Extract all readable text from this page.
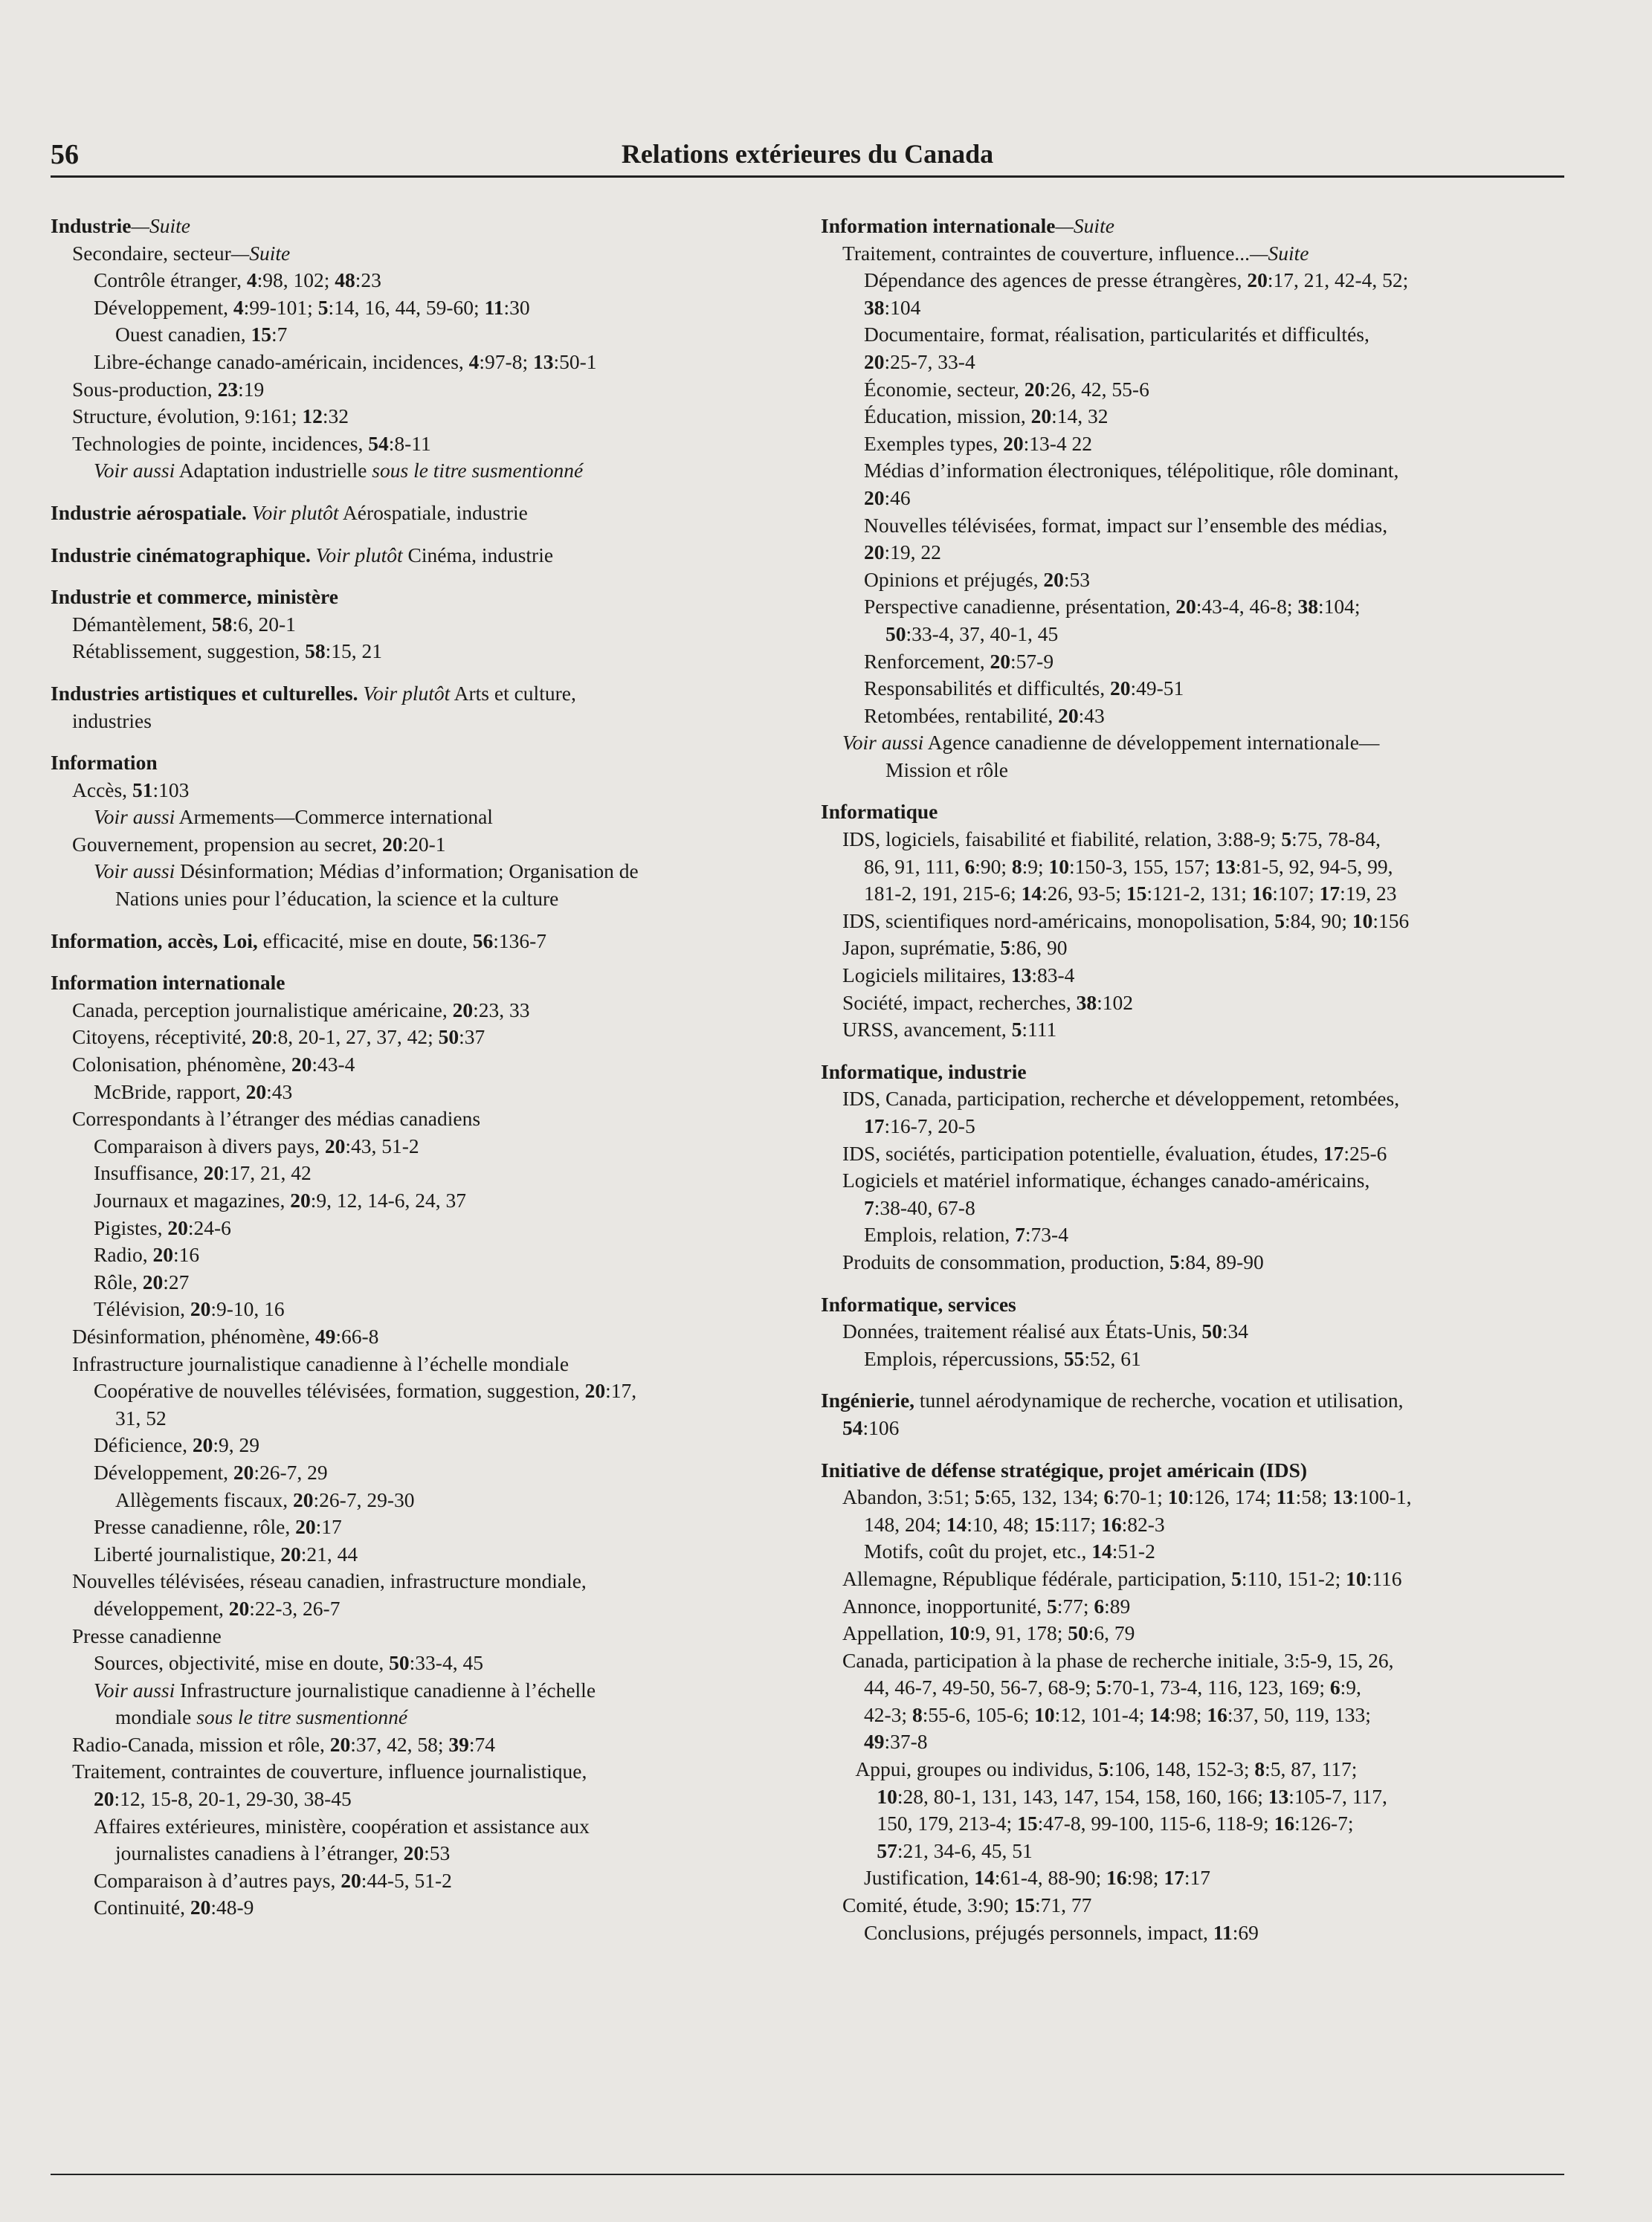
56	Relations extérieures du Canada
Industrie—Suite
Secondaire, secteur—Suite
Contrôle étranger, 4:98, 102; 48:23
Développement, 4:99-101; 5:14, 16, 44, 59-60; 11:30
Ouest canadien, 15:7
Libre-échange canado-américain, incidences, 4:97-8; 13:50-1
Sous-production, 23:19
Structure, évolution, 9:161; 12:32
Technologies de pointe, incidences, 54:8-11
Voir aussi Adaptation industrielle sous le titre susmentionné
Industrie aérospatiale. Voir plutôt Aérospatiale, industrie
Industrie cinématographique. Voir plutôt Cinéma, industrie
Industrie et commerce, ministère
Démantèlement, 58:6, 20-1
Rétablissement, suggestion, 58:15, 21
Industries artistiques et culturelles. Voir plutôt Arts et culture,
industries
Information
Accès, 51:103
Voir aussi Armements—Commerce international
Gouvernement, propension au secret, 20:20-1
Voir aussi Désinformation; Médias d’information; Organisation de
Nations unies pour l’éducation, la science et la culture
Information, accès, Loi, efficacité, mise en doute, 56:136-7
Information internationale
Canada, perception journalistique américaine, 20:23, 33
Citoyens, réceptivité, 20:8, 20-1, 27, 37, 42; 50:37
Colonisation, phénomène, 20:43-4
McBride, rapport, 20:43
Correspondants à l’étranger des médias canadiens
Comparaison à divers pays, 20:43, 51-2
Insuffisance, 20:17, 21, 42
Journaux et magazines, 20:9, 12, 14-6, 24, 37
Pigistes, 20:24-6
Radio, 20:16
Rôle, 20:27
Télévision, 20:9-10, 16
Désinformation, phénomène, 49:66-8
Infrastructure journalistique canadienne à l’échelle mondiale
Coopérative de nouvelles télévisées, formation, suggestion, 20:17,
31, 52
Déficience, 20:9, 29
Développement, 20:26-7, 29
Allègements fiscaux, 20:26-7, 29-30
Presse canadienne, rôle, 20:17
Liberté journalistique, 20:21, 44
Nouvelles télévisées, réseau canadien, infrastructure mondiale,
développement, 20:22-3, 26-7
Presse canadienne
Sources, objectivité, mise en doute, 50:33-4, 45
Voir aussi Infrastructure journalistique canadienne à l’échelle
mondiale sous le titre susmentionné
Radio-Canada, mission et rôle, 20:37, 42, 58; 39:74
Traitement, contraintes de couverture, influence journalistique,
20:12, 15-8, 20-1, 29-30, 38-45
Affaires extérieures, ministère, coopération et assistance aux
journalistes canadiens à l’étranger, 20:53
Comparaison à d’autres pays, 20:44-5, 51-2
Continuité, 20:48-9
Information internationale—Suite
Traitement, contraintes de couverture, influence...—Suite
Dépendance des agences de presse étrangères, 20:17, 21, 42-4, 52;
38:104
Documentaire, format, réalisation, particularités et difficultés,
20:25-7, 33-4
Économie, secteur, 20:26, 42, 55-6
Éducation, mission, 20:14, 32
Exemples types, 20:13-4 22
Médias d’information électroniques, télépolitique, rôle dominant,
20:46
Nouvelles télévisées, format, impact sur l’ensemble des médias,
20:19, 22
Opinions et préjugés, 20:53
Perspective canadienne, présentation, 20:43-4, 46-8; 38:104;
50:33-4, 37, 40-1, 45
Renforcement, 20:57-9
Responsabilités et difficultés, 20:49-51
Retombées, rentabilité, 20:43
Voir aussi Agence canadienne de développement internationale—
Mission et rôle
Informatique
IDS, logiciels, faisabilité et fiabilité, relation, 3:88-9; 5:75, 78-84,
86, 91, 111, 6:90; 8:9; 10:150-3, 155, 157; 13:81-5, 92, 94-5, 99,
181-2, 191, 215-6; 14:26, 93-5; 15:121-2, 131; 16:107; 17:19, 23
IDS, scientifiques nord-américains, monopolisation, 5:84, 90; 10:156
Japon, suprématie, 5:86, 90
Logiciels militaires, 13:83-4
Société, impact, recherches, 38:102
URSS, avancement, 5:111
Informatique, industrie
IDS, Canada, participation, recherche et développement, retombées,
17:16-7, 20-5
IDS, sociétés, participation potentielle, évaluation, études, 17:25-6
Logiciels et matériel informatique, échanges canado-américains,
7:38-40, 67-8
Emplois, relation, 7:73-4
Produits de consommation, production, 5:84, 89-90
Informatique, services
Données, traitement réalisé aux États-Unis, 50:34
Emplois, répercussions, 55:52, 61
Ingénierie, tunnel aérodynamique de recherche, vocation et utilisation,
54:106
Initiative de défense stratégique, projet américain (IDS)
Abandon, 3:51; 5:65, 132, 134; 6:70-1; 10:126, 174; 11:58; 13:100-1,
148, 204; 14:10, 48; 15:117; 16:82-3
Motifs, coût du projet, etc., 14:51-2
Allemagne, République fédérale, participation, 5:110, 151-2; 10:116
Annonce, inopportunité, 5:77; 6:89
Appellation, 10:9, 91, 178; 50:6, 79
Canada, participation à la phase de recherche initiale, 3:5-9, 15, 26,
44, 46-7, 49-50, 56-7, 68-9; 5:70-1, 73-4, 116, 123, 169; 6:9,
42-3; 8:55-6, 105-6; 10:12, 101-4; 14:98; 16:37, 50, 119, 133;
49:37-8
Appui, groupes ou individus, 5:106, 148, 152-3; 8:5, 87, 117;
10:28, 80-1, 131, 143, 147, 154, 158, 160, 166; 13:105-7, 117,
150, 179, 213-4; 15:47-8, 99-100, 115-6, 118-9; 16:126-7;
57:21, 34-6, 45, 51
Justification, 14:61-4, 88-90; 16:98; 17:17
Comité, étude, 3:90; 15:71, 77
Conclusions, préjugés personnels, impact, 11:69
